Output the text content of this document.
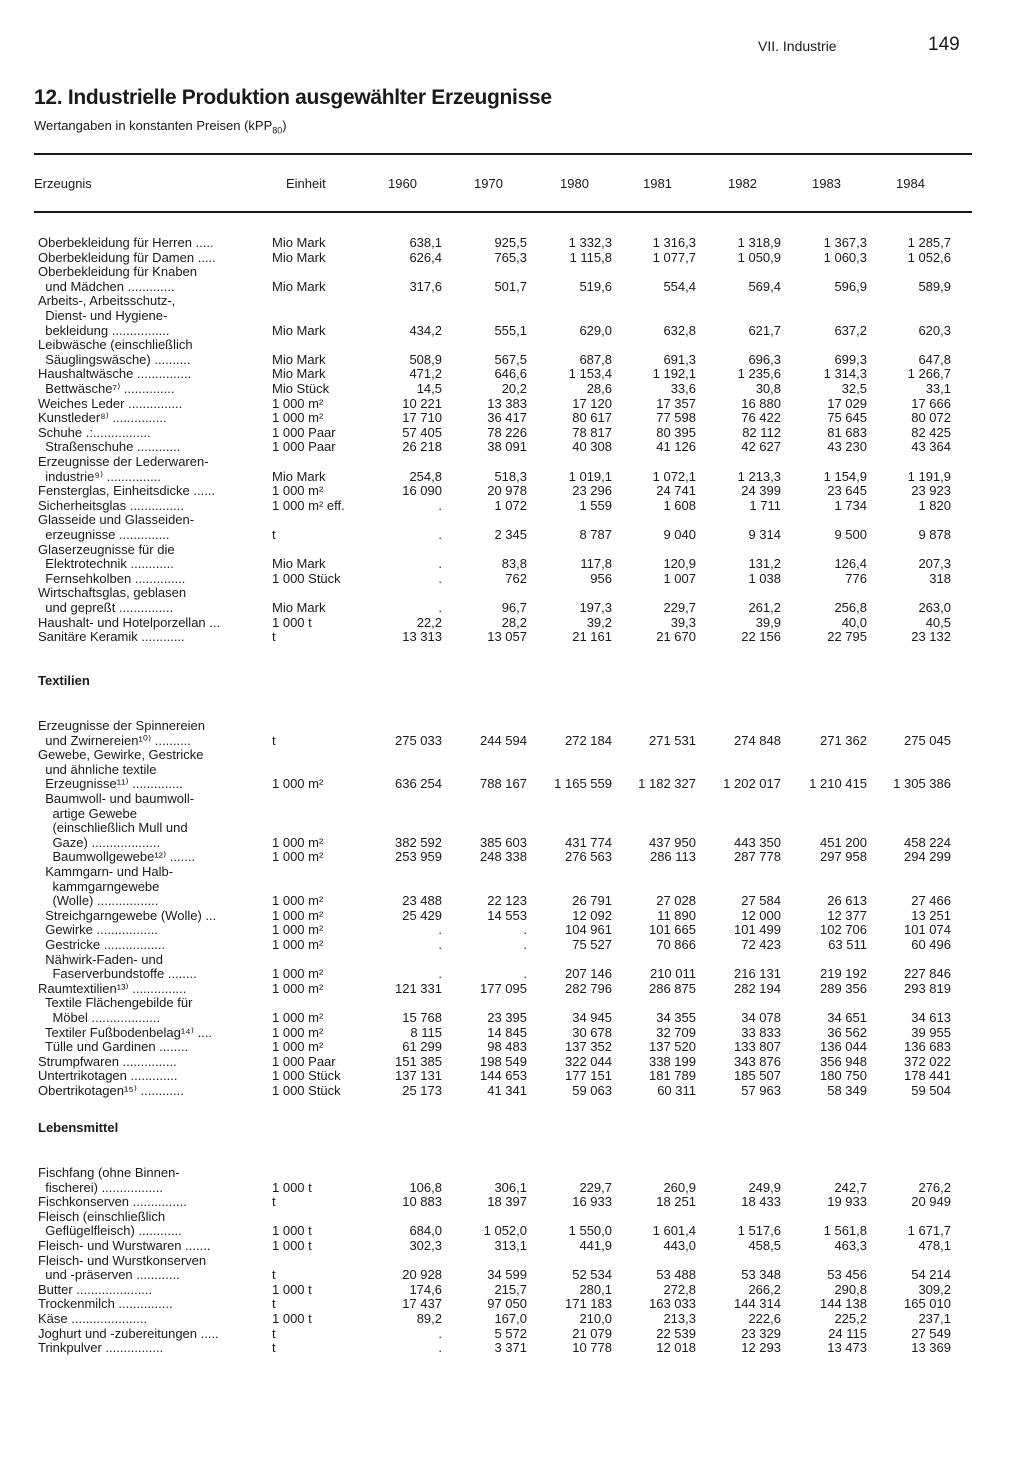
VII. Industrie	149
12. Industrielle Produktion ausgewählter Erzeugnisse
Wertangaben in konstanten Preisen (kPP$_{80}$)
Erzeugnis	Einheit	1960	1970	1980	1981	1982	1983	1984
Oberbekleidung für Herren .....	Mio Mark	638,1	925,5	1 332,3	1 316,3	1 318,9	1 367,3	1 285,7
Oberbekleidung für Damen .....	Mio Mark	626,4	765,3	1 115,8	1 077,7	1 050,9	1 060,3	1 052,6
Oberbekleidung für Knaben
und Mädchen .............	Mio Mark	317,6	501,7	519,6	554,4	569,4	596,9	589,9
Arbeits-, Arbeitsschutz-,
Dienst- und Hygiene-
bekleidung ................	Mio Mark	434,2	555,1	629,0	632,8	621,7	637,2	620,3
Leibwäsche (einschließlich
Säuglingswäsche) ..........	Mio Mark	508,9	567,5	687,8	691,3	696,3	699,3	647,8
Haushaltwäsche ...............	Mio Mark	471,2	646,6	1 153,4	1 192,1	1 235,6	1 314,3	1 266,7
Bettwäsche⁷⁾ ..............	Mio Stück	14,5	20,2	28,6	33,6	30,8	32,5	33,1
Weiches Leder ...............	1 000 m²	10 221	13 383	17 120	17 357	16 880	17 029	17 666
Kunstleder⁸⁾ ...............	1 000 m²	17 710	36 417	80 617	77 598	76 422	75 645	80 072
Schuhe .:................	1 000 Paar	57 405	78 226	78 817	80 395	82 112	81 683	82 425
Straßenschuhe ............	1 000 Paar	26 218	38 091	40 308	41 126	42 627	43 230	43 364
Erzeugnisse der Lederwaren-
industrie⁹⁾ ...............	Mio Mark	254,8	518,3	1 019,1	1 072,1	1 213,3	1 154,9	1 191,9
Fensterglas, Einheitsdicke ......	1 000 m²	16 090	20 978	23 296	24 741	24 399	23 645	23 923
Sicherheitsglas ...............	1 000 m² eff.	.	1 072	1 559	1 608	1 711	1 734	1 820
Glasseide und Glasseiden-
erzeugnisse ..............	t	.	2 345	8 787	9 040	9 314	9 500	9 878
Glaserzeugnisse für die
Elektrotechnik ............	Mio Mark	.	83,8	117,8	120,9	131,2	126,4	207,3
Fernsehkolben ..............	1 000 Stück	.	762	956	1 007	1 038	776	318
Wirtschaftsglas, geblasen
und gepreßt ...............	Mio Mark	.	96,7	197,3	229,7	261,2	256,8	263,0
Haushalt- und Hotelporzellan ...	1 000 t	22,2	28,2	39,2	39,3	39,9	40,0	40,5
Sanitäre Keramik ............	t	13 313	13 057	21 161	21 670	22 156	22 795	23 132
Textilien
Erzeugnisse der Spinnereien
und Zwirnereien¹⁰⁾ ..........	t	275 033	244 594	272 184	271 531	274 848	271 362	275 045
Gewebe, Gewirke, Gestricke
und ähnliche textile
Erzeugnisse¹¹⁾ ..............	1 000 m²	636 254	788 167	1 165 559	1 182 327	1 202 017	1 210 415	1 305 386
Baumwoll- und baumwoll-
artige Gewebe
(einschließlich Mull und
Gaze) ...................	1 000 m²	382 592	385 603	431 774	437 950	443 350	451 200	458 224
Baumwollgewebe¹²⁾ .......	1 000 m²	253 959	248 338	276 563	286 113	287 778	297 958	294 299
Kammgarn- und Halb-
kammgarngewebe
(Wolle) .................	1 000 m²	23 488	22 123	26 791	27 028	27 584	26 613	27 466
Streichgarngewebe (Wolle) ...	1 000 m²	25 429	14 553	12 092	11 890	12 000	12 377	13 251
Gewirke .................	1 000 m²	.	.	104 961	101 665	101 499	102 706	101 074
Gestricke .................	1 000 m²	.	.	75 527	70 866	72 423	63 511	60 496
Nähwirk-Faden- und
Faserverbundstoffe ........	1 000 m²	.	.	207 146	210 011	216 131	219 192	227 846
Raumtextilien¹³⁾ ...............	1 000 m²	121 331	177 095	282 796	286 875	282 194	289 356	293 819
Textile Flächengebilde für
Möbel ...................	1 000 m²	15 768	23 395	34 945	34 355	34 078	34 651	34 613
Textiler Fußbodenbelag¹⁴⁾ ....	1 000 m²	8 115	14 845	30 678	32 709	33 833	36 562	39 955
Tülle und Gardinen ........	1 000 m²	61 299	98 483	137 352	137 520	133 807	136 044	136 683
Strumpfwaren ...............	1 000 Paar	151 385	198 549	322 044	338 199	343 876	356 948	372 022
Untertrikotagen .............	1 000 Stück	137 131	144 653	177 151	181 789	185 507	180 750	178 441
Obertrikotagen¹⁵⁾ ............	1 000 Stück	25 173	41 341	59 063	60 311	57 963	58 349	59 504
Lebensmittel
Fischfang (ohne Binnen-
fischerei) .................	1 000 t	106,8	306,1	229,7	260,9	249,9	242,7	276,2
Fischkonserven ...............	t	10 883	18 397	16 933	18 251	18 433	19 933	20 949
Fleisch (einschließlich
Geflügelfleisch) ............	1 000 t	684,0	1 052,0	1 550,0	1 601,4	1 517,6	1 561,8	1 671,7
Fleisch- und Wurstwaren .......	1 000 t	302,3	313,1	441,9	443,0	458,5	463,3	478,1
Fleisch- und Wurstkonserven
und -präserven ............	t	20 928	34 599	52 534	53 488	53 348	53 456	54 214
Butter .....................	1 000 t	174,6	215,7	280,1	272,8	266,2	290,8	309,2
Trockenmilch ...............	t	17 437	97 050	171 183	163 033	144 314	144 138	165 010
Käse .....................	1 000 t	89,2	167,0	210,0	213,3	222,6	225,2	237,1
Joghurt und -zubereitungen .....	t	.	5 572	21 079	22 539	23 329	24 115	27 549
Trinkpulver ................	t	.	3 371	10 778	12 018	12 293	13 473	13 369
